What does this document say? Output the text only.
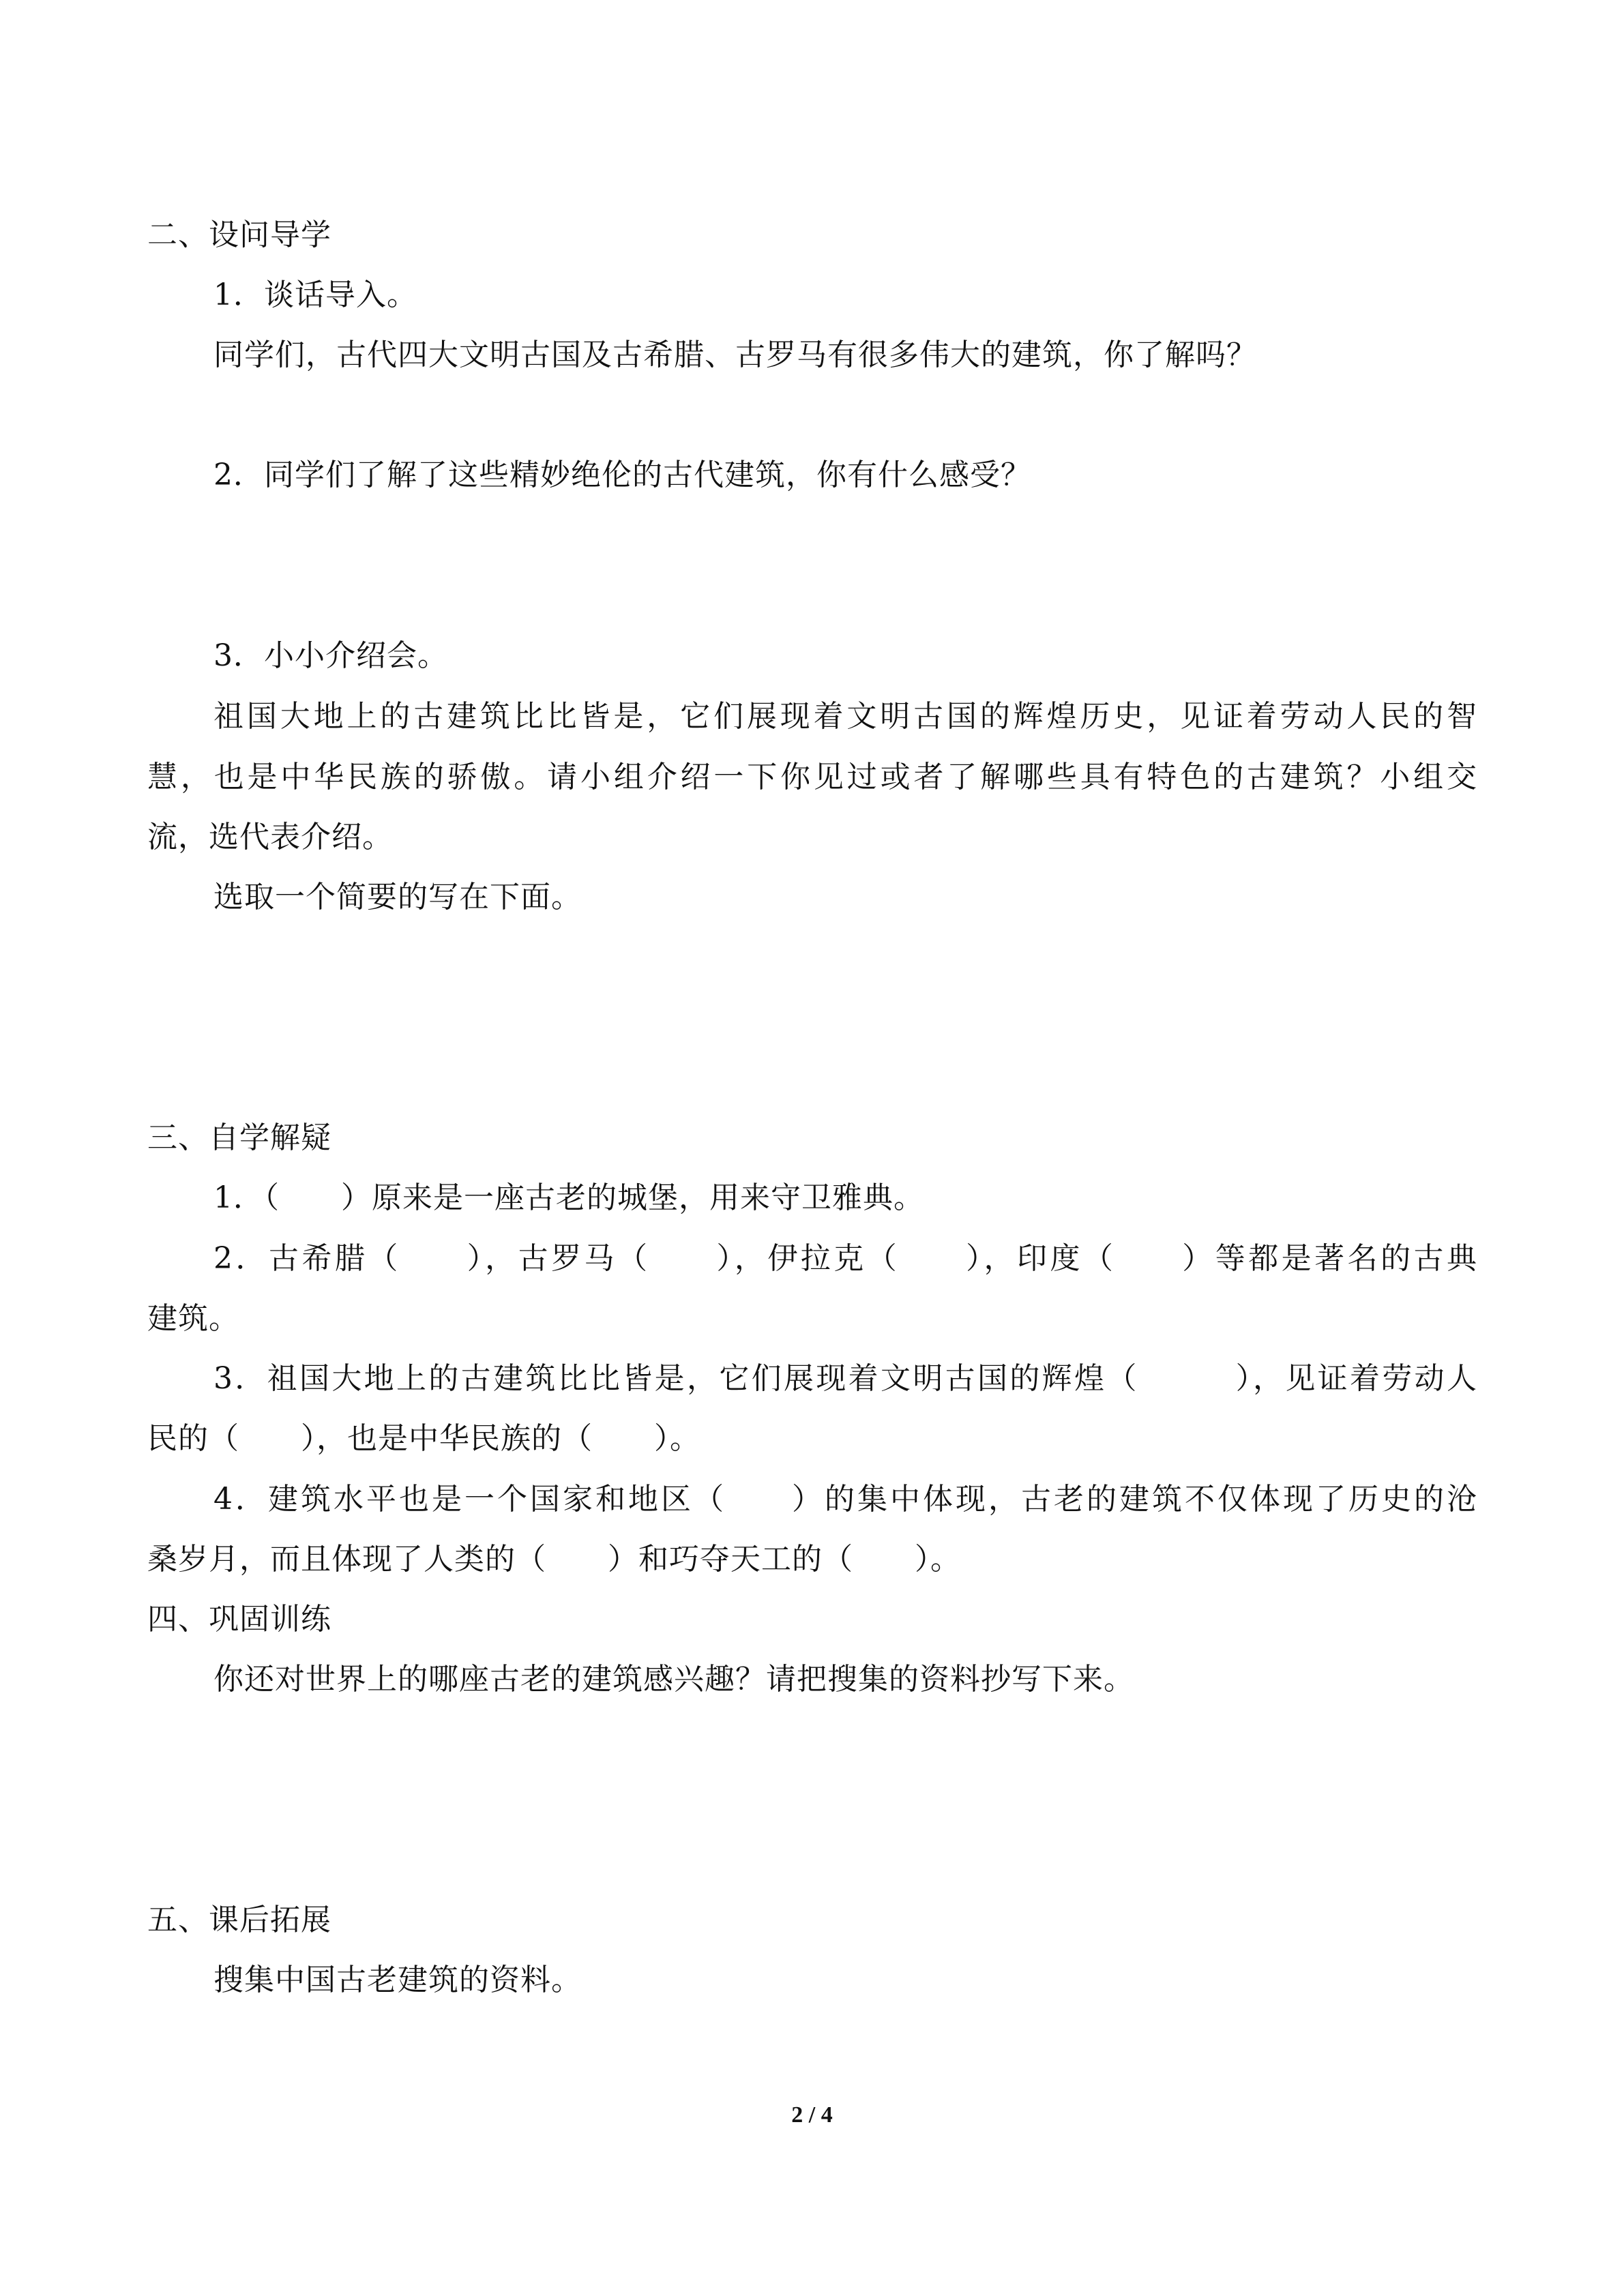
二、设问导学
1．谈话导入。
同学们，古代四大文明古国及古希腊、古罗马有很多伟大的建筑，你了解吗？
2．同学们了解了这些精妙绝伦的古代建筑，你有什么感受？
3．小小介绍会。
祖国大地上的古建筑比比皆是，它们展现着文明古国的辉煌历史，见证着劳动人民的智
慧，也是中华民族的骄傲。请小组介绍一下你见过或者了解哪些具有特色的古建筑？小组交
流，选代表介绍。
选取一个简要的写在下面。
三、自学解疑
1．（　　）原来是一座古老的城堡，用来守卫雅典。
2．古希腊（　　），古罗马（　　），伊拉克（　　），印度（　　）等都是著名的古典
建筑。
3．祖国大地上的古建筑比比皆是，它们展现着文明古国的辉煌（　　　），见证着劳动人
民的（　　），也是中华民族的（　　）。
4．建筑水平也是一个国家和地区（　　）的集中体现，古老的建筑不仅体现了历史的沧
桑岁月，而且体现了人类的（　　）和巧夺天工的（　　）。
四、巩固训练
你还对世界上的哪座古老的建筑感兴趣？请把搜集的资料抄写下来。
五、课后拓展
搜集中国古老建筑的资料。
2 / 4
